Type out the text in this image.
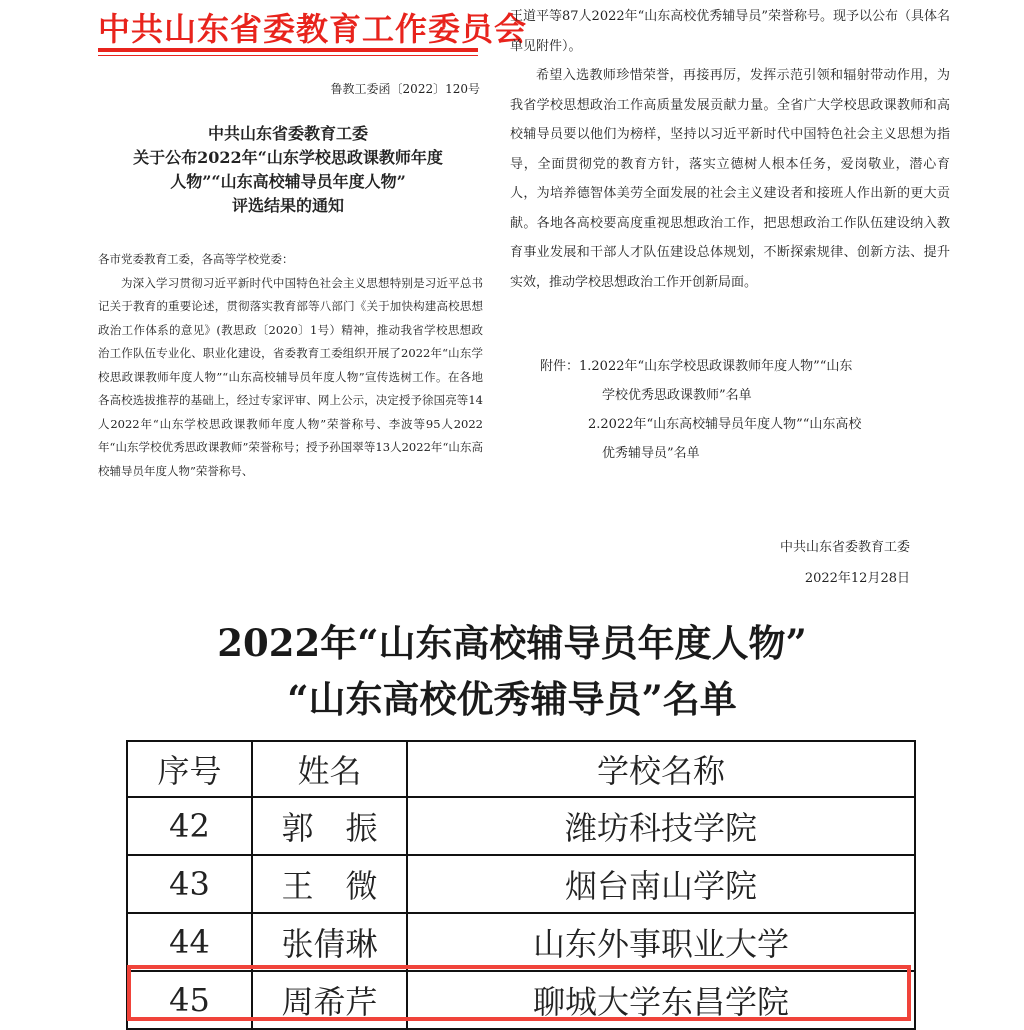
中共山东省委教育工作委员会
鲁教工委函〔2022〕120号
中共山东省委教育工委
关于公布2022年“山东学校思政课教师年度
人物”“山东高校辅导员年度人物”
评选结果的通知

各市党委教育工委，各高等学校党委：

为深入学习贯彻习近平新时代中国特色社会主义思想特别是习近平总书记关于教育的重要论述，贯彻落实教育部等八部门《关于加快构建高校思想政治工作体系的意见》(教思政〔2020〕1号）精神，推动我省学校思想政治工作队伍专业化、职业化建设，省委教育工委组织开展了2022年“山东学校思政课教师年度人物”“山东高校辅导员年度人物”宣传选树工作。在各地各高校选拔推荐的基础上，经过专家评审、网上公示，决定授予徐国亮等14人2022年“山东学校思政课教师年度人物”荣誉称号、李波等95人2022年“山东学校优秀思政课教师”荣誉称号；授予孙国翠等13人2022年“山东高校辅导员年度人物”荣誉称号、

王道平等87人2022年“山东高校优秀辅导员”荣誉称号。现予以公布（具体名单见附件）。

希望入选教师珍惜荣誉，再接再厉，发挥示范引领和辐射带动作用，为我省学校思想政治工作高质量发展贡献力量。全省广大学校思政课教师和高校辅导员要以他们为榜样，坚持以习近平新时代中国特色社会主义思想为指导，全面贯彻党的教育方针，落实立德树人根本任务，爱岗敬业，潜心育人，为培养德智体美劳全面发展的社会主义建设者和接班人作出新的更大贡献。各地各高校要高度重视思想政治工作，把思想政治工作队伍建设纳入教育事业发展和干部人才队伍建设总体规划，不断探索规律、创新方法、提升实效，推动学校思想政治工作开创新局面。

附件：1.2022年“山东学校思政课教师年度人物”“山东

学校优秀思政课教师”名单

2.2022年“山东高校辅导员年度人物”“山东高校

优秀辅导员”名单

中共山东省委教育工委

2022年12月28日

2022年“山东高校辅导员年度人物”
“山东高校优秀辅导员”名单
序号	姓名	学校名称
42	郭　振	潍坊科技学院
43	王　微	烟台南山学院
44	张倩琳	山东外事职业大学
45	周希芹	聊城大学东昌学院
